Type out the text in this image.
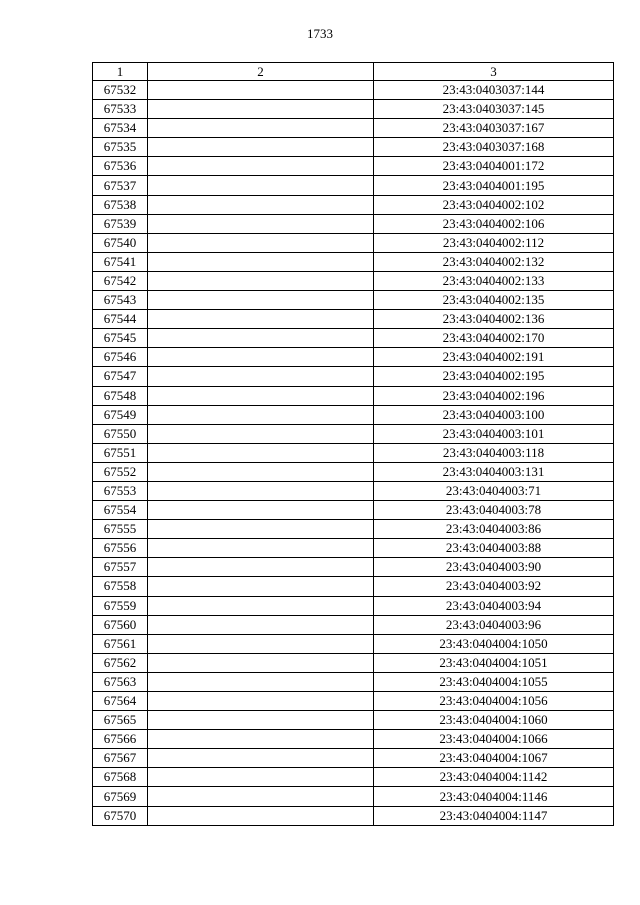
1733
1	2	3
67532		23:43:0403037:144
67533		23:43:0403037:145
67534		23:43:0403037:167
67535		23:43:0403037:168
67536		23:43:0404001:172
67537		23:43:0404001:195
67538		23:43:0404002:102
67539		23:43:0404002:106
67540		23:43:0404002:112
67541		23:43:0404002:132
67542		23:43:0404002:133
67543		23:43:0404002:135
67544		23:43:0404002:136
67545		23:43:0404002:170
67546		23:43:0404002:191
67547		23:43:0404002:195
67548		23:43:0404002:196
67549		23:43:0404003:100
67550		23:43:0404003:101
67551		23:43:0404003:118
67552		23:43:0404003:131
67553		23:43:0404003:71
67554		23:43:0404003:78
67555		23:43:0404003:86
67556		23:43:0404003:88
67557		23:43:0404003:90
67558		23:43:0404003:92
67559		23:43:0404003:94
67560		23:43:0404003:96
67561		23:43:0404004:1050
67562		23:43:0404004:1051
67563		23:43:0404004:1055
67564		23:43:0404004:1056
67565		23:43:0404004:1060
67566		23:43:0404004:1066
67567		23:43:0404004:1067
67568		23:43:0404004:1142
67569		23:43:0404004:1146
67570		23:43:0404004:1147
